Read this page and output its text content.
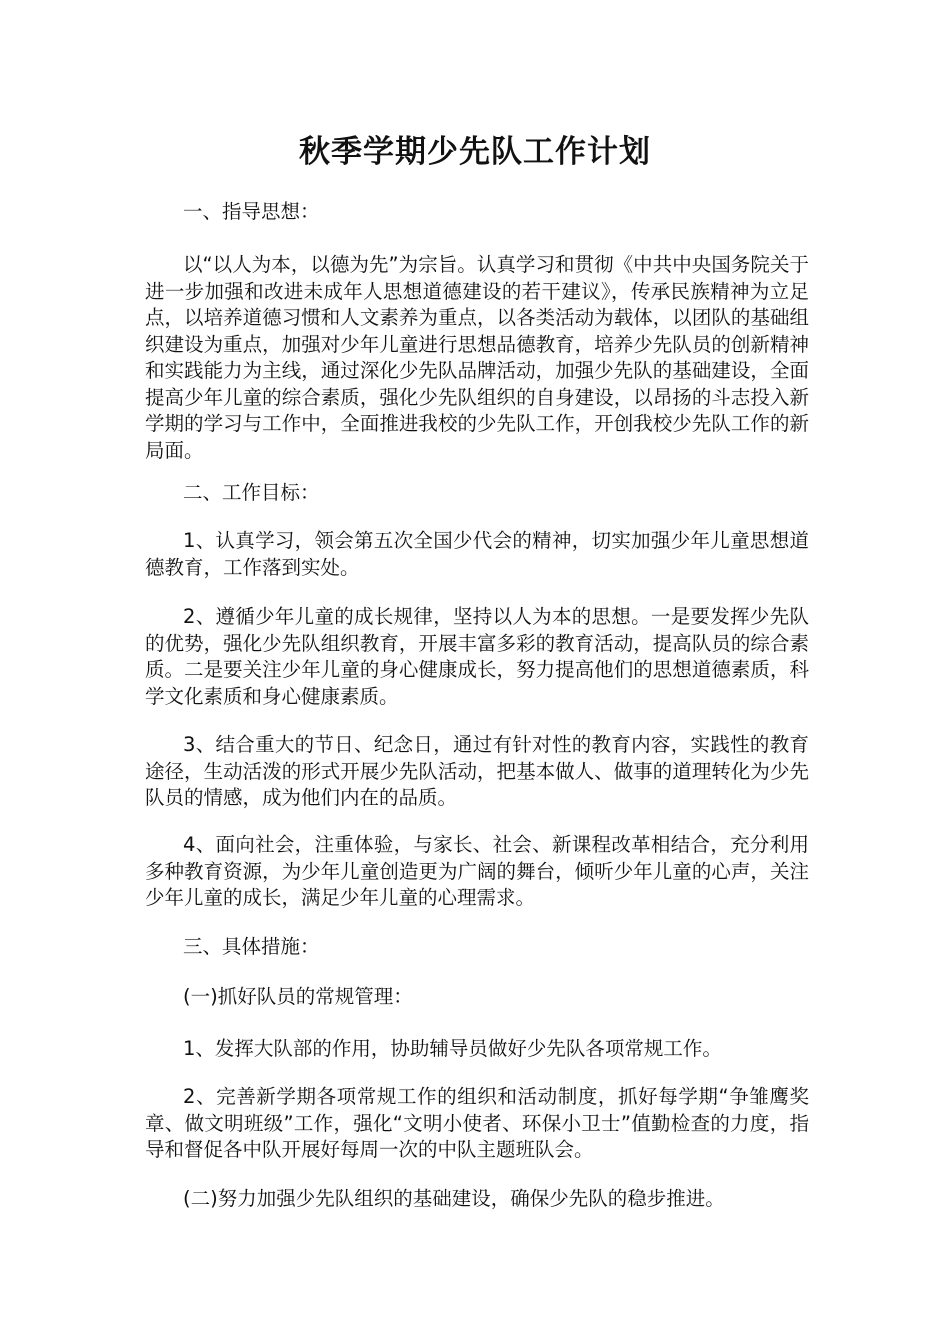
秋季学期少先队工作计划

一、指导思想：

以“以人为本，以德为先”为宗旨。认真学习和贯彻《中共中央国务院关于进一步加强和改进未成年人思想道德建设的若干建议》，传承民族精神为立足点，以培养道德习惯和人文素养为重点，以各类活动为载体，以团队的基础组织建设为重点，加强对少年儿童进行思想品德教育，培养少先队员的创新精神和实践能力为主线，通过深化少先队品牌活动，加强少先队的基础建设，全面提高少年儿童的综合素质，强化少先队组织的自身建设，以昂扬的斗志投入新学期的学习与工作中，全面推进我校的少先队工作，开创我校少先队工作的新局面。

二、工作目标：

1、认真学习，领会第五次全国少代会的精神，切实加强少年儿童思想道德教育，工作落到实处。

2、遵循少年儿童的成长规律，坚持以人为本的思想。一是要发挥少先队的优势，强化少先队组织教育，开展丰富多彩的教育活动，提高队员的综合素质。二是要关注少年儿童的身心健康成长，努力提高他们的思想道德素质，科学文化素质和身心健康素质。

3、结合重大的节日、纪念日，通过有针对性的教育内容，实践性的教育途径，生动活泼的形式开展少先队活动，把基本做人、做事的道理转化为少先队员的情感，成为他们内在的品质。

4、面向社会，注重体验，与家长、社会、新课程改革相结合，充分利用多种教育资源，为少年儿童创造更为广阔的舞台，倾听少年儿童的心声，关注少年儿童的成长，满足少年儿童的心理需求。

三、具体措施：

(一)抓好队员的常规管理：

1、发挥大队部的作用，协助辅导员做好少先队各项常规工作。

2、完善新学期各项常规工作的组织和活动制度，抓好每学期“争雏鹰奖章、做文明班级”工作，强化“文明小使者、环保小卫士”值勤检查的力度，指导和督促各中队开展好每周一次的中队主题班队会。

(二)努力加强少先队组织的基础建设，确保少先队的稳步推进。
